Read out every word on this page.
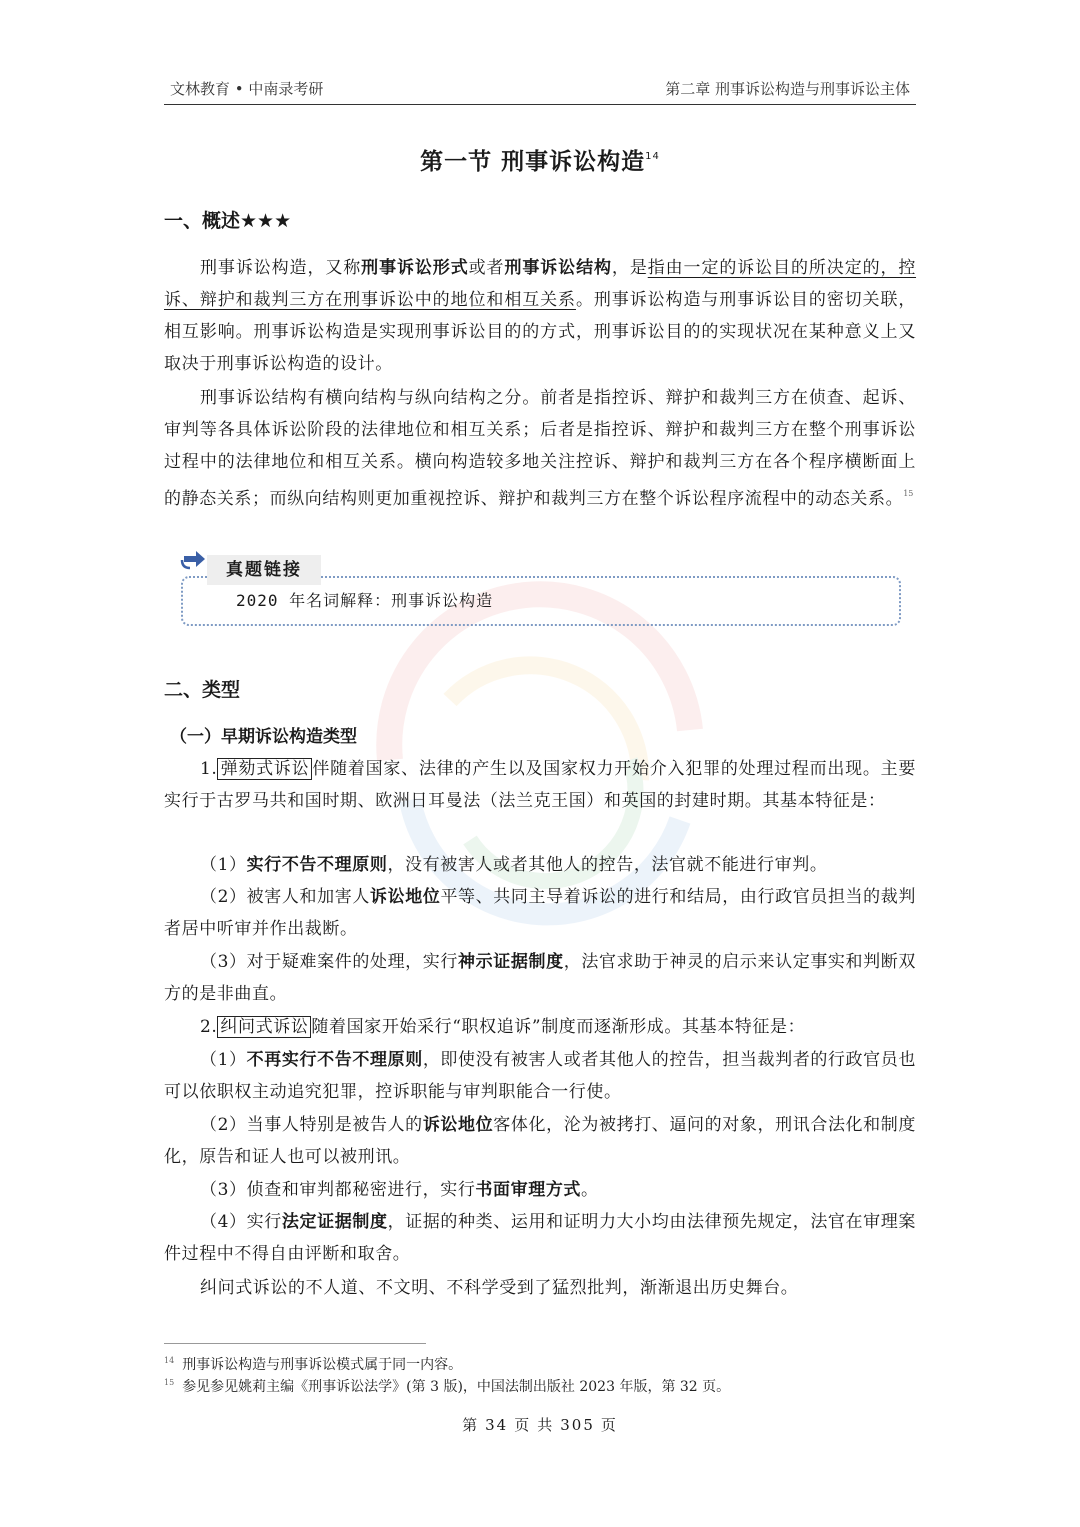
文林教育 • 中南录考研	第二章 刑事诉讼构造与刑事诉讼主体
第一节 刑事诉讼构造$^{14}$
一、概述★★★
刑事诉讼构造，又称刑事诉讼形式或者刑事诉讼结构，是指由一定的诉讼目的所决定的，控诉、辩护和裁判三方在刑事诉讼中的地位和相互关系。刑事诉讼构造与刑事诉讼目的密切关联，相互影响。刑事诉讼构造是实现刑事诉讼目的的方式，刑事诉讼目的的实现状况在某种意义上又取决于刑事诉讼构造的设计。
刑事诉讼结构有横向结构与纵向结构之分。前者是指控诉、辩护和裁判三方在侦查、起诉、审判等各具体诉讼阶段的法律地位和相互关系；后者是指控诉、辩护和裁判三方在整个刑事诉讼过程中的法律地位和相互关系。横向构造较多地关注控诉、辩护和裁判三方在各个程序横断面上的静态关系；而纵向结构则更加重视控诉、辩护和裁判三方在整个诉讼程序流程中的动态关系。$^{15}$
真题链接
2020 年名词解释：刑事诉讼构造
二、类型
（一）早期诉讼构造类型
1. 弹劾式诉讼 伴随着国家、法律的产生以及国家权力开始介入犯罪的处理过程而出现。主要实行于古罗马共和国时期、欧洲日耳曼法（法兰克王国）和英国的封建时期。其基本特征是：
（1）实行不告不理原则，没有被害人或者其他人的控告，法官就不能进行审判。
（2）被害人和加害人诉讼地位平等、共同主导着诉讼的进行和结局，由行政官员担当的裁判者居中听审并作出裁断。
（3）对于疑难案件的处理，实行神示证据制度，法官求助于神灵的启示来认定事实和判断双方的是非曲直。
2. 纠问式诉讼 随着国家开始采行“职权追诉”制度而逐渐形成。其基本特征是：
（1）不再实行不告不理原则，即使没有被害人或者其他人的控告，担当裁判者的行政官员也可以依职权主动追究犯罪，控诉职能与审判职能合一行使。
（2）当事人特别是被告人的诉讼地位客体化，沦为被拷打、逼问的对象，刑讯合法化和制度化，原告和证人也可以被刑讯。
（3）侦查和审判都秘密进行，实行书面审理方式。
（4）实行法定证据制度，证据的种类、运用和证明力大小均由法律预先规定，法官在审理案件过程中不得自由评断和取舍。
纠问式诉讼的不人道、不文明、不科学受到了猛烈批判，渐渐退出历史舞台。
$^{14}$ 刑事诉讼构造与刑事诉讼模式属于同一内容。
$^{15}$ 参见参见姚莉主编《刑事诉讼法学》(第 3 版)，中国法制出版社 2023 年版，第 32 页。
第 34 页 共 305 页
